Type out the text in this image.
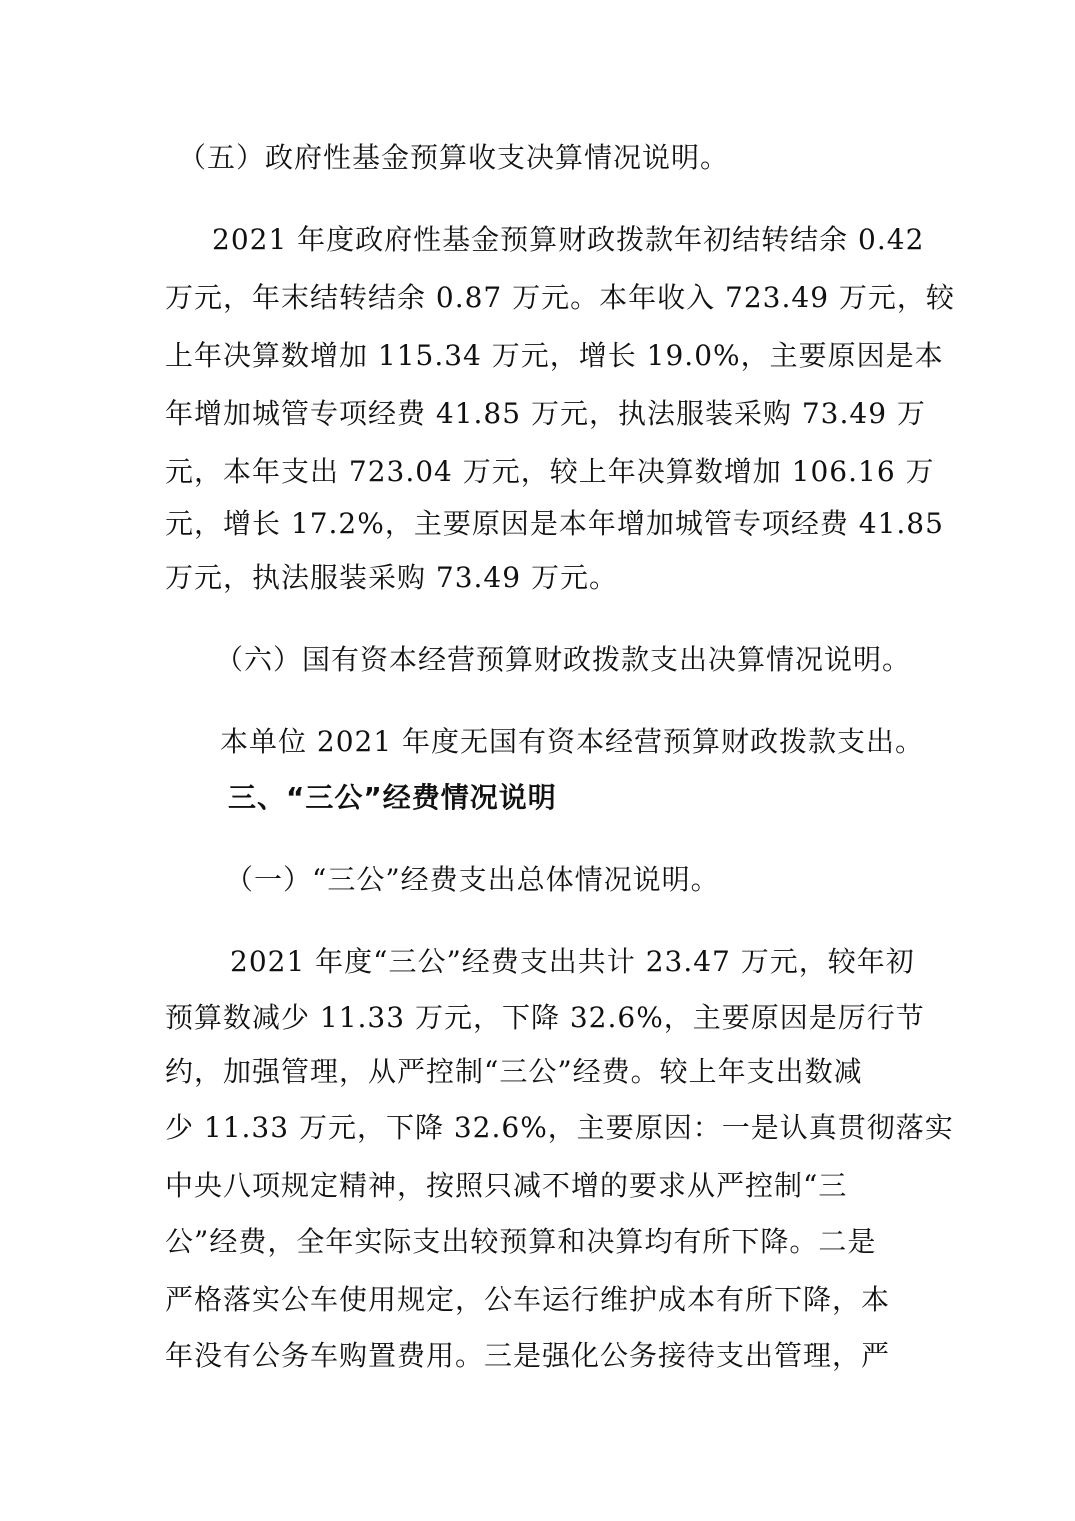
（五）政府性基金预算收支决算情况说明。
2021 年度政府性基金预算财政拨款年初结转结余 0.42
万元，年末结转结余 0.87 万元。本年收入 723.49 万元，较
上年决算数增加 115.34 万元，增长 19.0%，主要原因是本
年增加城管专项经费 41.85 万元，执法服装采购 73.49 万
元，本年支出 723.04 万元，较上年决算数增加 106.16 万
元，增长 17.2%，主要原因是本年增加城管专项经费 41.85
万元，执法服装采购 73.49 万元。
（六）国有资本经营预算财政拨款支出决算情况说明。
本单位 2021 年度无国有资本经营预算财政拨款支出。
三、“三公”经费情况说明
（一）“三公”经费支出总体情况说明。
2021 年度“三公”经费支出共计 23.47 万元，较年初
预算数减少 11.33 万元，下降 32.6%，主要原因是厉行节
约，加强管理，从严控制“三公”经费。较上年支出数减
少 11.33 万元，下降 32.6%，主要原因：一是认真贯彻落实
中央八项规定精神，按照只减不增的要求从严控制“三
公”经费，全年实际支出较预算和决算均有所下降。二是
严格落实公车使用规定，公车运行维护成本有所下降，本
年没有公务车购置费用。三是强化公务接待支出管理，严
